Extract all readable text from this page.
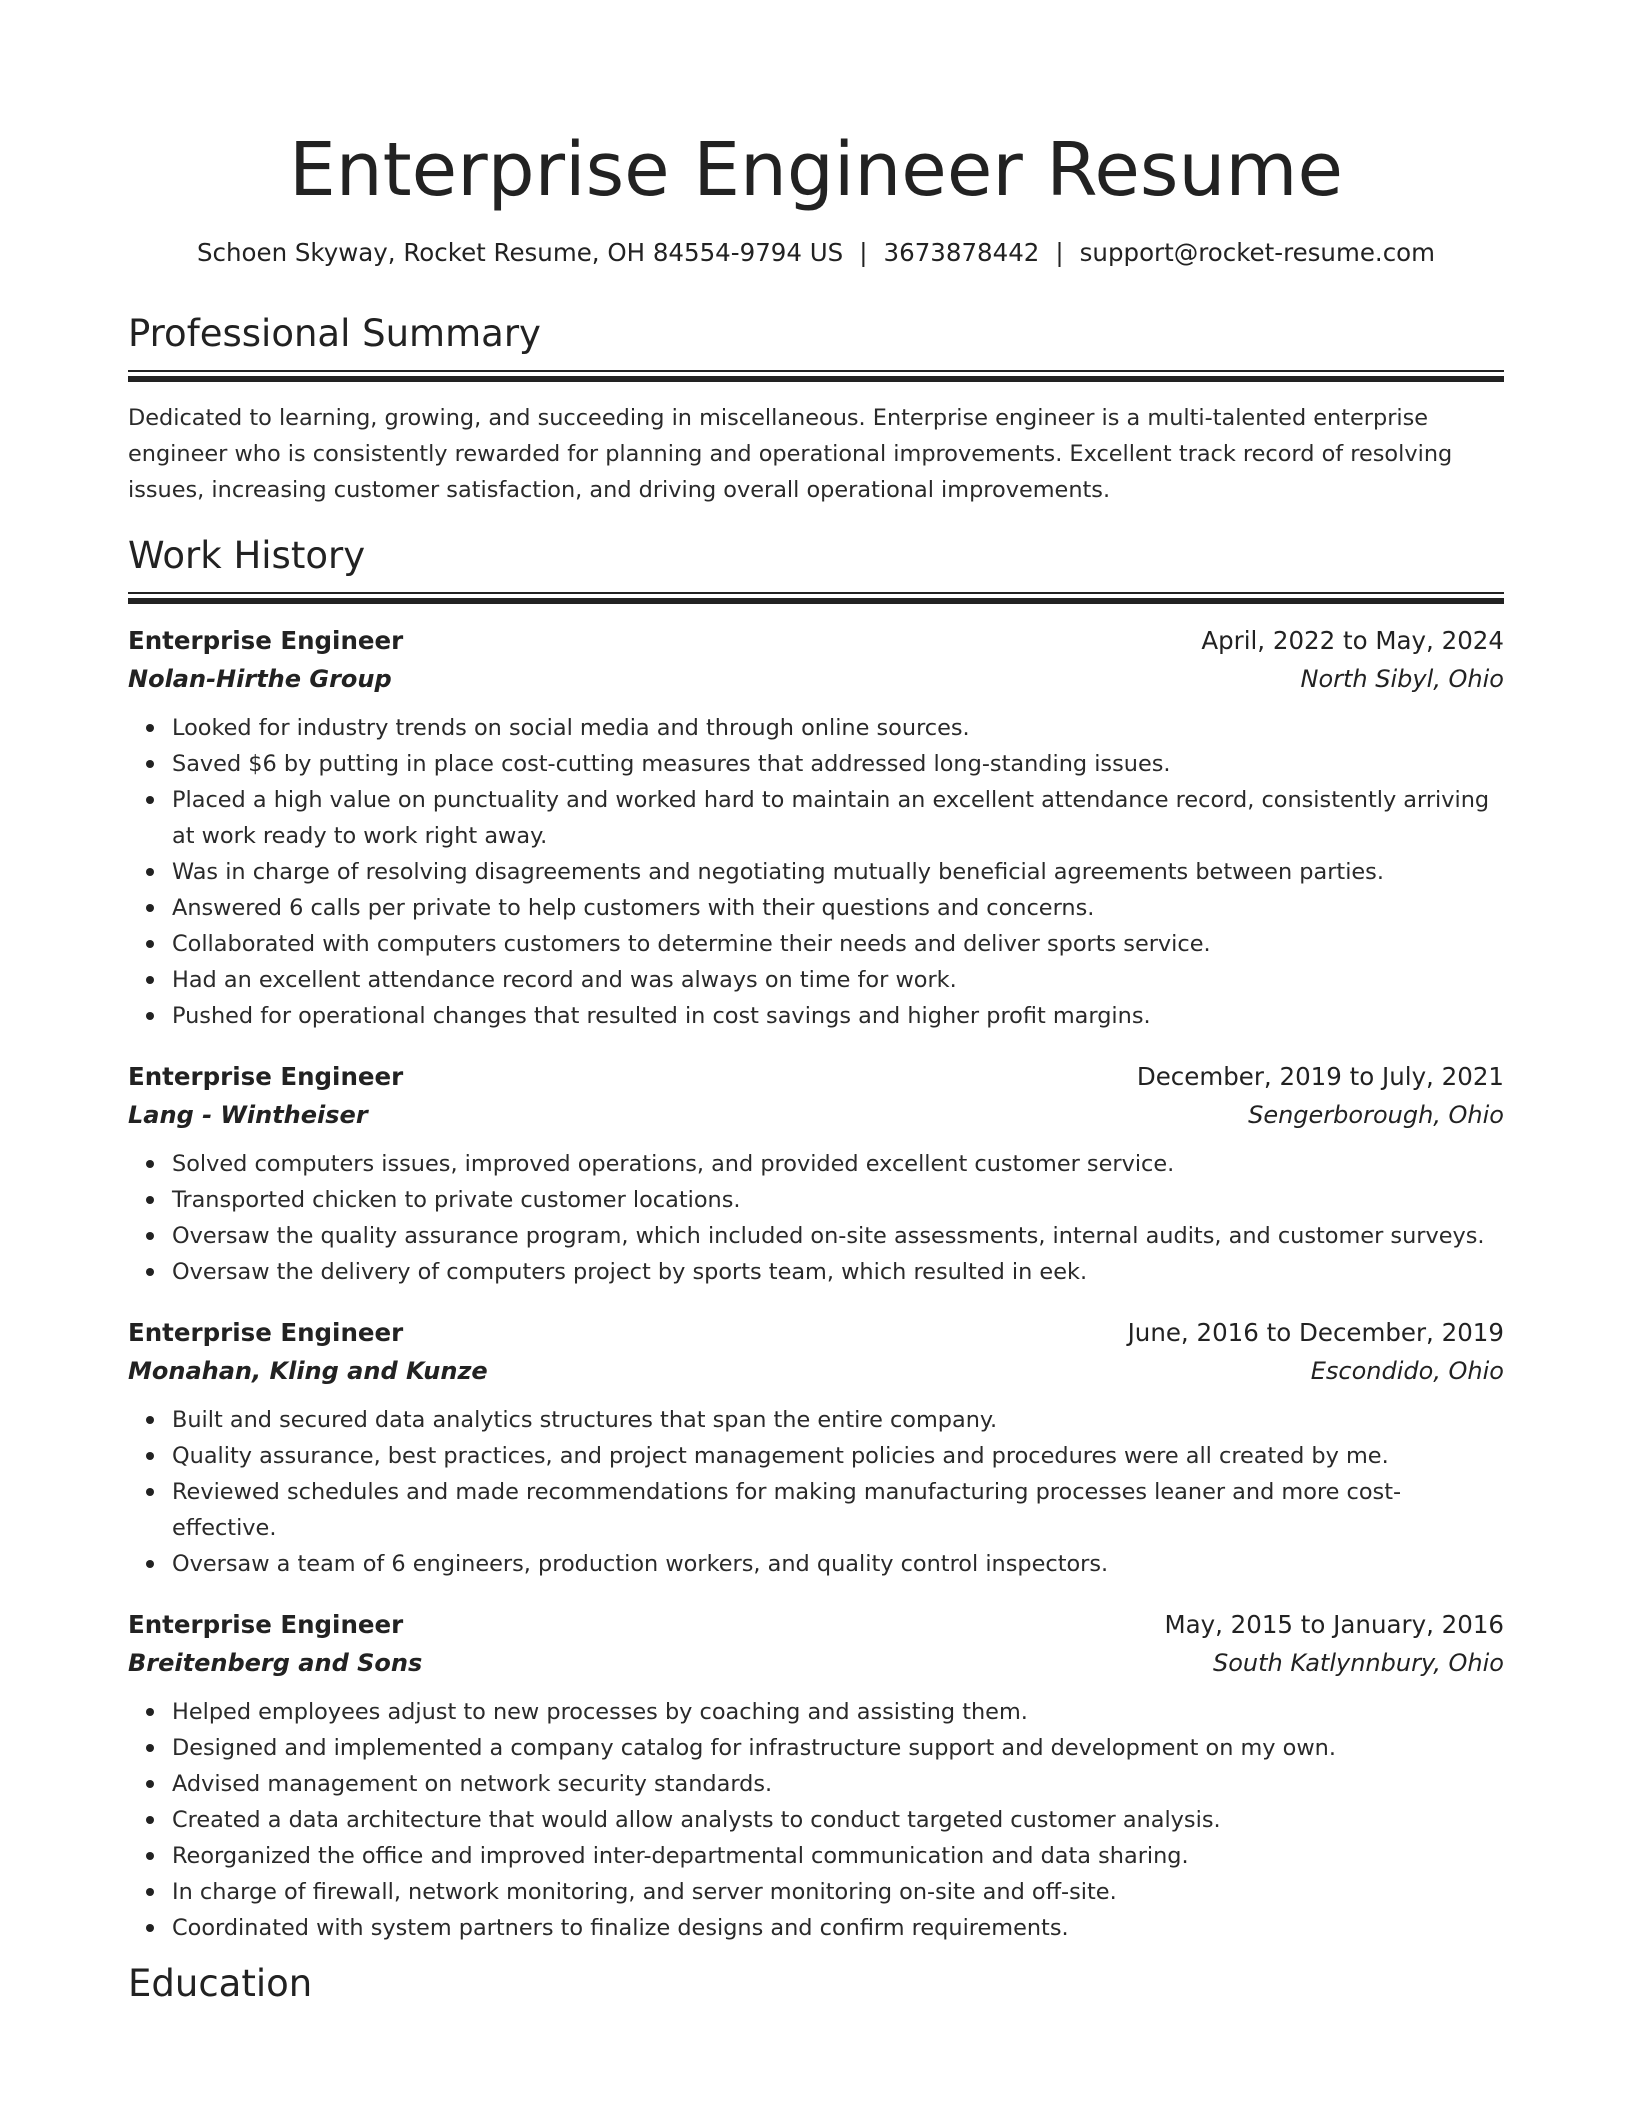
Enterprise Engineer Resume
Schoen Skyway, Rocket Resume, OH 84554-9794 US | 3673878442 | support@rocket-resume.com
Professional Summary
Dedicated to learning, growing, and succeeding in miscellaneous. Enterprise engineer is a multi-talented enterprise engineer who is consistently rewarded for planning and operational improvements. Excellent track record of resolving issues, increasing customer satisfaction, and driving overall operational improvements.
Work History
Enterprise Engineer	April, 2022 to May, 2024
Nolan-Hirthe Group	North Sibyl, Ohio
Looked for industry trends on social media and through online sources.
Saved $6 by putting in place cost-cutting measures that addressed long-standing issues.
Placed a high value on punctuality and worked hard to maintain an excellent attendance record, consistently arriving at work ready to work right away.
Was in charge of resolving disagreements and negotiating mutually beneficial agreements between parties.
Answered 6 calls per private to help customers with their questions and concerns.
Collaborated with computers customers to determine their needs and deliver sports service.
Had an excellent attendance record and was always on time for work.
Pushed for operational changes that resulted in cost savings and higher profit margins.
Enterprise Engineer	December, 2019 to July, 2021
Lang - Wintheiser	Sengerborough, Ohio
Solved computers issues, improved operations, and provided excellent customer service.
Transported chicken to private customer locations.
Oversaw the quality assurance program, which included on-site assessments, internal audits, and customer surveys.
Oversaw the delivery of computers project by sports team, which resulted in eek.
Enterprise Engineer	June, 2016 to December, 2019
Monahan, Kling and Kunze	Escondido, Ohio
Built and secured data analytics structures that span the entire company.
Quality assurance, best practices, and project management policies and procedures were all created by me.
Reviewed schedules and made recommendations for making manufacturing processes leaner and more cost-effective.
Oversaw a team of 6 engineers, production workers, and quality control inspectors.
Enterprise Engineer	May, 2015 to January, 2016
Breitenberg and Sons	South Katlynnbury, Ohio
Helped employees adjust to new processes by coaching and assisting them.
Designed and implemented a company catalog for infrastructure support and development on my own.
Advised management on network security standards.
Created a data architecture that would allow analysts to conduct targeted customer analysis.
Reorganized the office and improved inter-departmental communication and data sharing.
In charge of firewall, network monitoring, and server monitoring on-site and off-site.
Coordinated with system partners to finalize designs and confirm requirements.
Education
